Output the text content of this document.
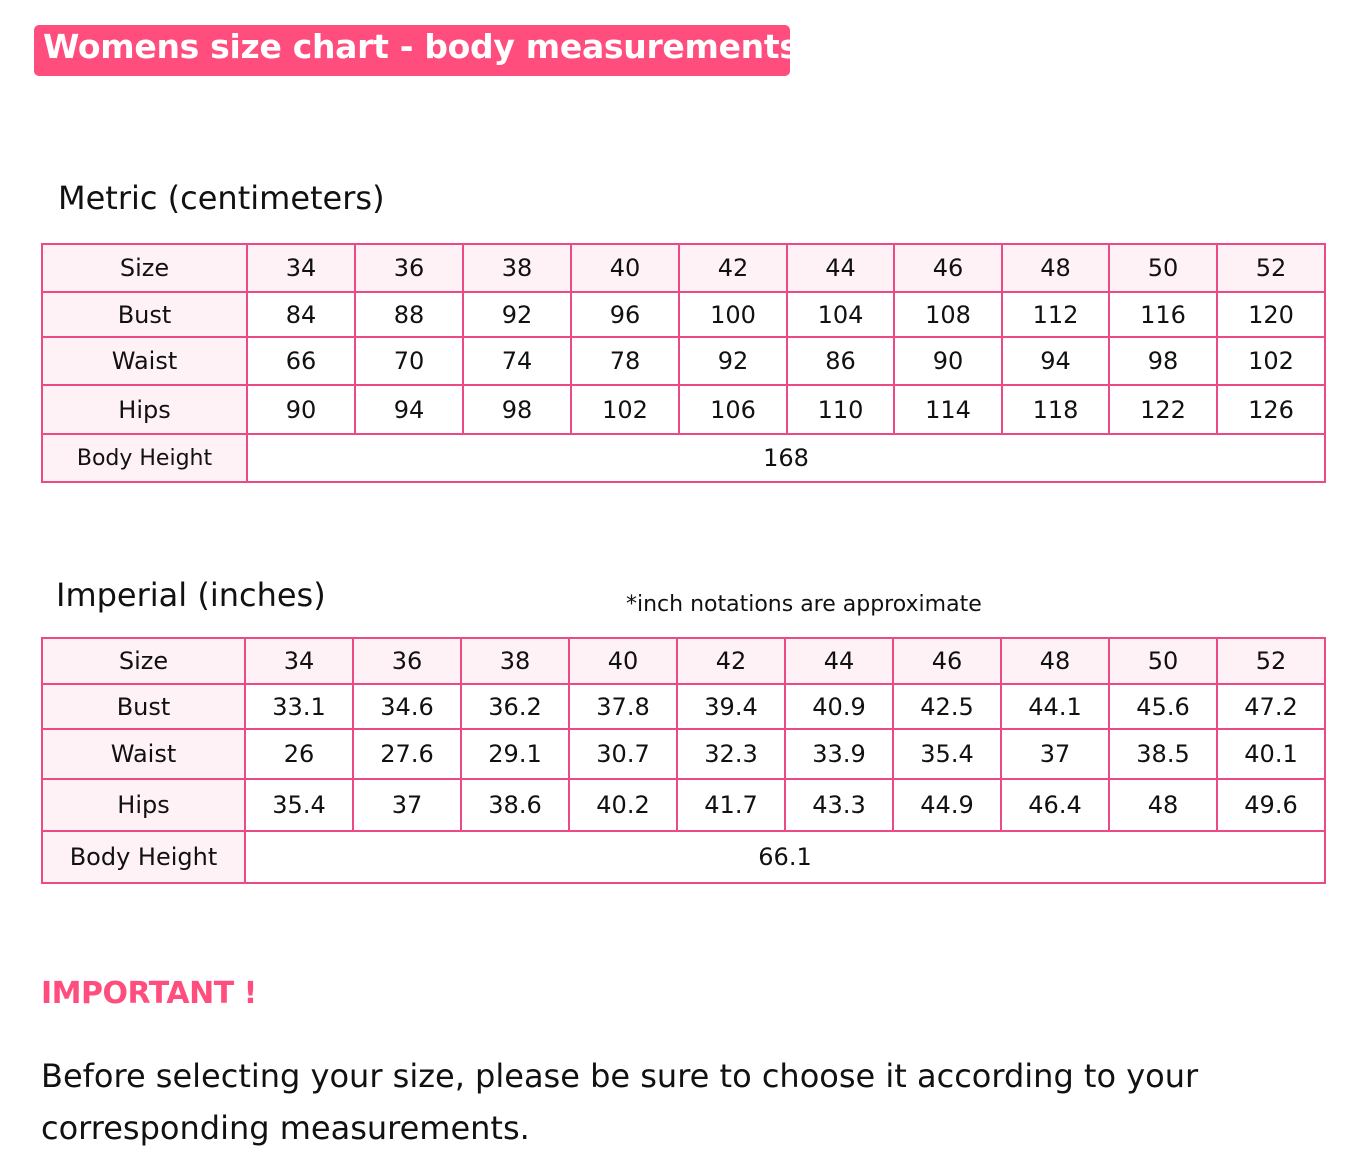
Womens size chart - body measurements
Metric (centimeters)
Size	34	36	38	40	42	44	46	48	50	52
Bust	84	88	92	96	100	104	108	112	116	120
Waist	66	70	74	78	92	86	90	94	98	102
Hips	90	94	98	102	106	110	114	118	122	126
Body Height	168									
Imperial (inches)	*inch notations are approximate
Size	34	36	38	40	42	44	46	48	50	52
Bust	33.1	34.6	36.2	37.8	39.4	40.9	42.5	44.1	45.6	47.2
Waist	26	27.6	29.1	30.7	32.3	33.9	35.4	37	38.5	40.1
Hips	35.4	37	38.6	40.2	41.7	43.3	44.9	46.4	48	49.6
Body Height	66.1									
IMPORTANT !
Before selecting your size, please be sure to choose it according to your corresponding measurements.
